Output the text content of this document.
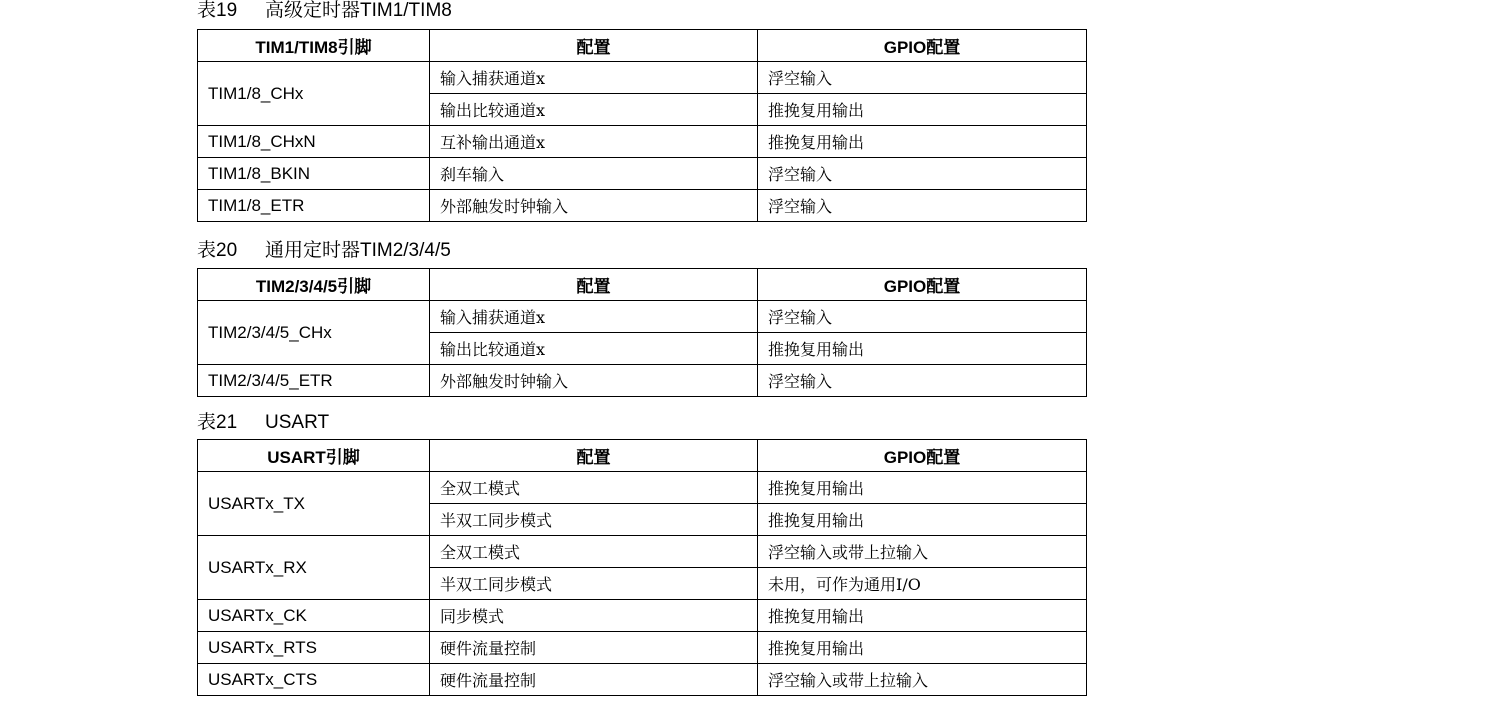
表19	高级定时器TIM1/TIM8
TIM1/TIM8引脚	配置	GPIO配置
TIM1/8_CHx	输入捕获通道x	浮空输入
	输出比较通道x	推挽复用输出
TIM1/8_CHxN	互补输出通道x	推挽复用输出
TIM1/8_BKIN	刹车输入	浮空输入
TIM1/8_ETR	外部触发时钟输入	浮空输入
表20	通用定时器TIM2/3/4/5
TIM2/3/4/5引脚	配置	GPIO配置
TIM2/3/4/5_CHx	输入捕获通道x	浮空输入
	输出比较通道x	推挽复用输出
TIM2/3/4/5_ETR	外部触发时钟输入	浮空输入
表21	USART
USART引脚	配置	GPIO配置
USARTx_TX	全双工模式	推挽复用输出
	半双工同步模式	推挽复用输出
USARTx_RX	全双工模式	浮空输入或带上拉输入
	半双工同步模式	未用，可作为通用I/O
USARTx_CK	同步模式	推挽复用输出
USARTx_RTS	硬件流量控制	推挽复用输出
USARTx_CTS	硬件流量控制	浮空输入或带上拉输入
